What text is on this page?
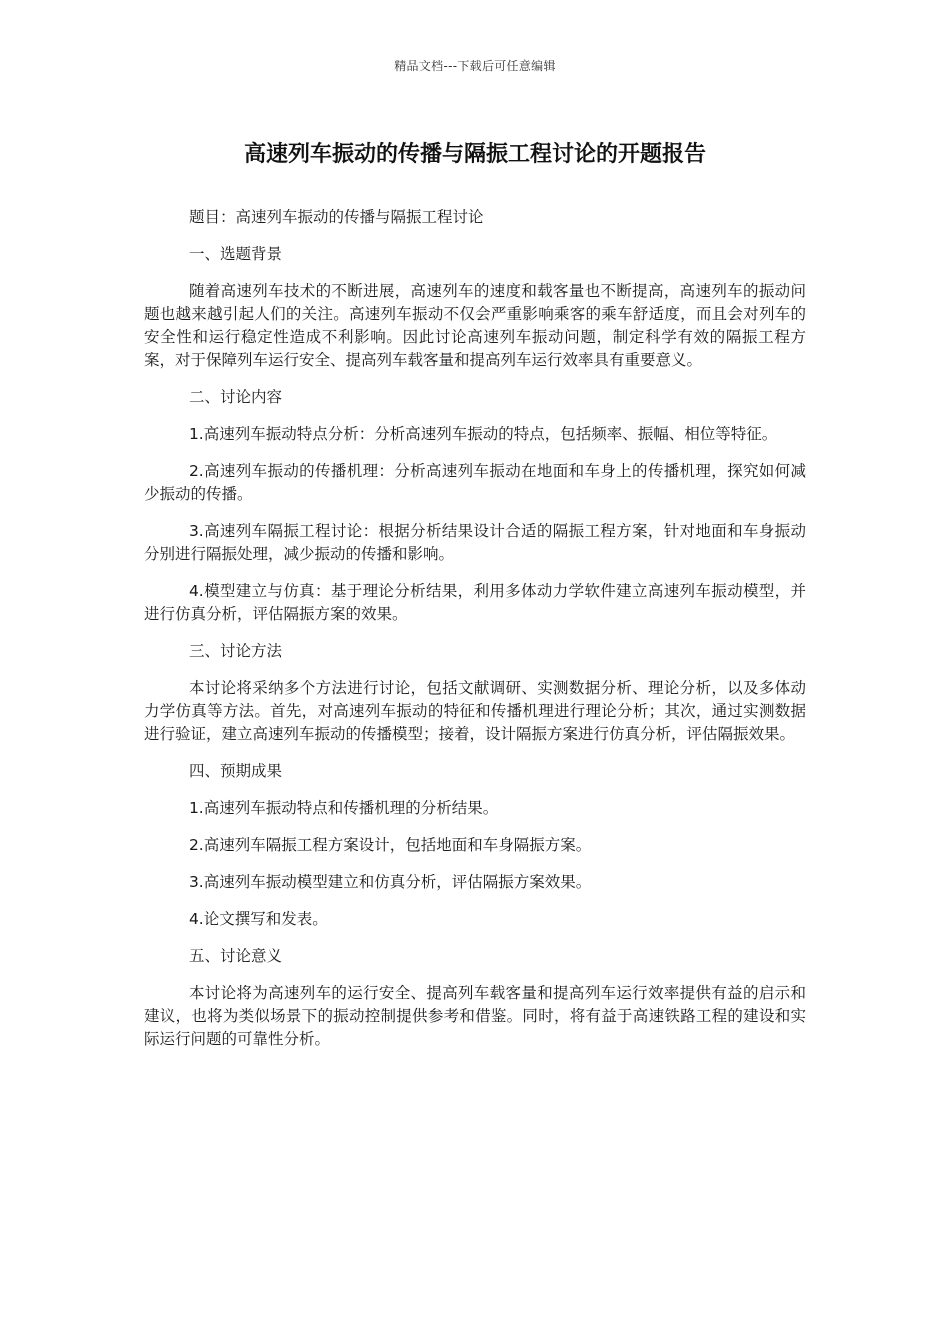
精品文档---下载后可任意编辑
高速列车振动的传播与隔振工程讨论的开题报告

题目：高速列车振动的传播与隔振工程讨论

一、选题背景

随着高速列车技术的不断进展，高速列车的速度和载客量也不断提高，高速列车的振动问题也越来越引起人们的关注。高速列车振动不仅会严重影响乘客的乘车舒适度，而且会对列车的安全性和运行稳定性造成不利影响。因此讨论高速列车振动问题，制定科学有效的隔振工程方案，对于保障列车运行安全、提高列车载客量和提高列车运行效率具有重要意义。

二、讨论内容

1.高速列车振动特点分析：分析高速列车振动的特点，包括频率、振幅、相位等特征。

2.高速列车振动的传播机理：分析高速列车振动在地面和车身上的传播机理，探究如何减少振动的传播。

3.高速列车隔振工程讨论：根据分析结果设计合适的隔振工程方案，针对地面和车身振动分别进行隔振处理，减少振动的传播和影响。

4.模型建立与仿真：基于理论分析结果，利用多体动力学软件建立高速列车振动模型，并进行仿真分析，评估隔振方案的效果。

三、讨论方法

本讨论将采纳多个方法进行讨论，包括文献调研、实测数据分析、理论分析，以及多体动力学仿真等方法。首先，对高速列车振动的特征和传播机理进行理论分析；其次，通过实测数据进行验证，建立高速列车振动的传播模型；接着，设计隔振方案进行仿真分析，评估隔振效果。

四、预期成果

1.高速列车振动特点和传播机理的分析结果。

2.高速列车隔振工程方案设计，包括地面和车身隔振方案。

3.高速列车振动模型建立和仿真分析，评估隔振方案效果。

4.论文撰写和发表。

五、讨论意义

本讨论将为高速列车的运行安全、提高列车载客量和提高列车运行效率提供有益的启示和建议，也将为类似场景下的振动控制提供参考和借鉴。同时，将有益于高速铁路工程的建设和实际运行问题的可靠性分析。
